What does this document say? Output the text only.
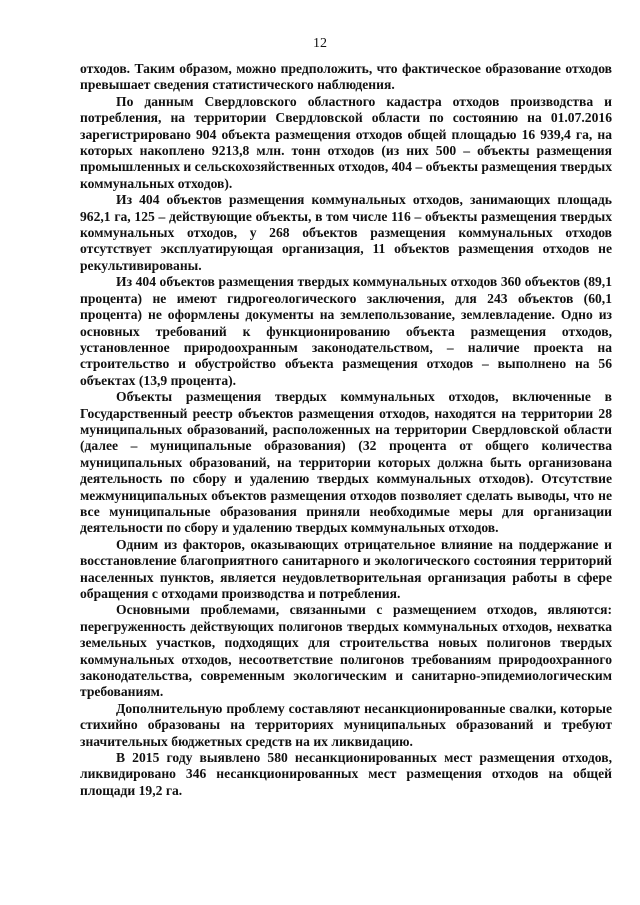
12

отходов. Таким образом, можно предположить, что фактическое образование отходов превышает сведения статистического наблюдения.

По данным Свердловского областного кадастра отходов производства и потребления, на территории Свердловской области по состоянию на 01.07.2016 зарегистрировано 904 объекта размещения отходов общей площадью 16 939,4 га, на которых накоплено 9213,8 млн. тонн отходов (из них 500 – объекты размещения промышленных и сельскохозяйственных отходов, 404 – объекты размещения твердых коммунальных отходов).

Из 404 объектов размещения коммунальных отходов, занимающих площадь 962,1 га, 125 – действующие объекты, в том числе 116 – объекты размещения твердых коммунальных отходов, у 268 объектов размещения коммунальных отходов отсутствует эксплуатирующая организация, 11 объектов размещения отходов не рекультивированы.

Из 404 объектов размещения твердых коммунальных отходов 360 объектов (89,1 процента) не имеют гидрогеологического заключения, для 243 объектов (60,1 процента) не оформлены документы на землепользование, землевладение. Одно из основных требований к функционированию объекта размещения отходов, установленное природоохранным законодательством, – наличие проекта на строительство и обустройство объекта размещения отходов – выполнено на 56 объектах (13,9 процента).

Объекты размещения твердых коммунальных отходов, включенные в Государственный реестр объектов размещения отходов, находятся на территории 28 муниципальных образований, расположенных на территории Свердловской области (далее – муниципальные образования) (32 процента от общего количества муниципальных образований, на территории которых должна быть организована деятельность по сбору и удалению твердых коммунальных отходов). Отсутствие межмуниципальных объектов размещения отходов позволяет сделать выводы, что не все муниципальные образования приняли необходимые меры для организации деятельности по сбору и удалению твердых коммунальных отходов.

Одним из факторов, оказывающих отрицательное влияние на поддержание и восстановление благоприятного санитарного и экологического состояния территорий населенных пунктов, является неудовлетворительная организация работы в сфере обращения с отходами производства и потребления.

Основными проблемами, связанными с размещением отходов, являются: перегруженность действующих полигонов твердых коммунальных отходов, нехватка земельных участков, подходящих для строительства новых полигонов твердых коммунальных отходов, несоответствие полигонов требованиям природоохранного законодательства, современным экологическим и санитарно-эпидемиологическим требованиям.

Дополнительную проблему составляют несанкционированные свалки, которые стихийно образованы на территориях муниципальных образований и требуют значительных бюджетных средств на их ликвидацию.

В 2015 году выявлено 580 несанкционированных мест размещения отходов, ликвидировано 346 несанкционированных мест размещения отходов на общей площади 19,2 га.
